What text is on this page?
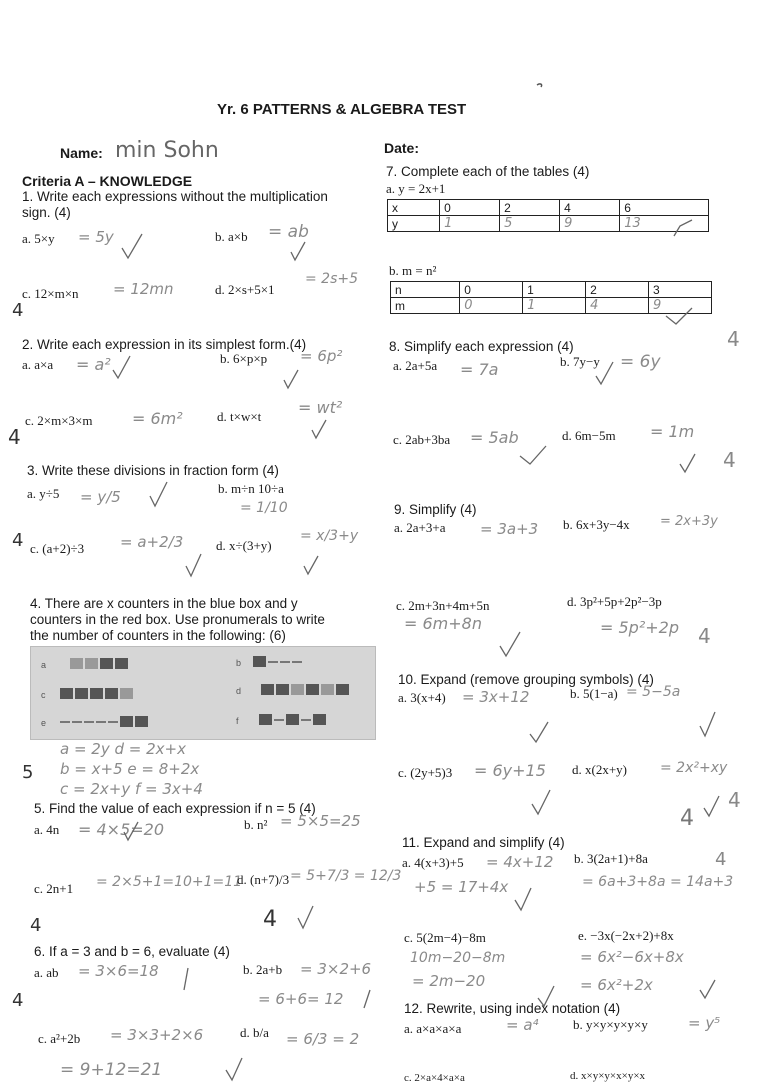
Yr. 6 PATTERNS & ALGEBRA TEST
Name: min Sohn	Date:
Criteria A – KNOWLEDGE
1. Write each expressions without the multiplication
sign. (4)
a. 5×y = 5y	b. a×b = ab
c. 12×m×n = 12mn	d. 2×s+5×1
= 2s+5
4
2. Write each expression in its simplest form.(4)
a. a×a = a²	b. 6×p×p = 6p²
c. 2×m×3×m = 6m²	d. t×w×t = wt²
4
3. Write these divisions in fraction form (4)
a. y÷5 = y/5	b. m÷n 10÷a
= 1/10
c. (a+2)÷3 = a+2/3	d. x÷(3+y)
= x/3+y
4
4. There are x counters in the blue box and y
counters in the red box. Use pronumerals to write
the number of counters in the following: (6)
a	b
c	d
e	f
a = 2y d = 2x+x
b = x+5 e = 8+2x
c = 2x+y f = 3x+4
5
5. Find the value of each expression if n = 5 (4)
a. 4n = 4×5=20	b. n² = 5×5=25	4
c. 2n+1 = 2×5+1=10+1=11
d. (n+7)/3 = 5+7/3 = 12/3
4	4
6. If a = 3 and b = 6, evaluate (4)
a. ab = 3×6=18	b. 2a+b = 3×2+6
= 6+6= 12
4
c. a²+2b = 3×3+2×6
= 9+12=21
d. b/a = 6/3 = 2
7. Complete each of the tables (4)
a. y = 2x+1
x	0	2	4	6
y	1	5	9	13
b. m = n²
n	0	1	2	3
m	0	1	4	9
4
8. Simplify each expression (4)
a. 2a+5a = 7a	b. 7y−y = 6y
c. 2ab+3ba = 5ab	d. 6m−5m = 1m
4
9. Simplify (4)
a. 2a+3+a = 3a+3 b. 6x+3y−4x = 2x+3y
c. 2m+3n+4m+5n
= 6m+8n
d. 3p²+5p+2p²−3p
= 5p²+2p 4
10. Expand (remove grouping symbols) (4)
a. 3(x+4) = 3x+12	b. 5(1−a) = 5−5a
c. (2y+5)3 = 6y+15 d. x(2x+y) = 2x²+xy
4
11. Expand and simplify (4)
a. 4(x+3)+5 = 4x+12
+5 = 17+4x
b. 3(2a+1)+8a
= 6a+3+8a = 14a+3
4
c. 5(2m−4)−8m
10m−20−8m
= 2m−20
e. −3x(−2x+2)+8x
= 6x²−6x+8x
= 6x²+2x
12. Rewrite, using index notation (4)
a. a×a×a×a	= a⁴	b. y×y×y×y×y	= y⁵
c. 2×a×4×a×a	d. x×y×y×x×y×x
